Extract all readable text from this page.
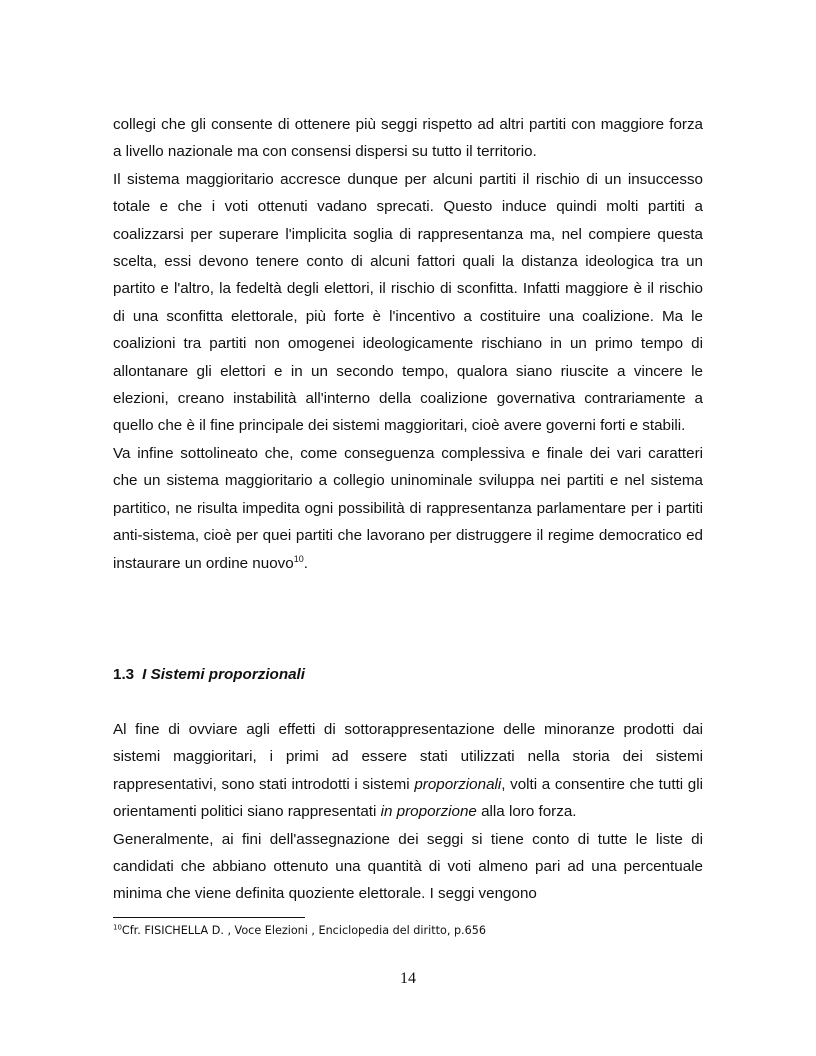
collegi che gli consente di ottenere più seggi rispetto ad altri partiti con maggiore forza a livello nazionale ma con consensi dispersi su tutto il territorio.

Il sistema maggioritario accresce dunque per alcuni partiti il rischio di un insuccesso totale e che i voti ottenuti vadano sprecati. Questo induce quindi molti partiti a coalizzarsi per superare l'implicita soglia di rappresentanza ma, nel compiere questa scelta, essi devono tenere conto di alcuni fattori quali la distanza ideologica tra un partito e l'altro, la fedeltà degli elettori, il rischio di sconfitta. Infatti maggiore è il rischio di una sconfitta elettorale, più forte è l'incentivo a costituire una coalizione. Ma le coalizioni tra partiti non omogenei ideologicamente rischiano in un primo tempo di allontanare gli elettori e in un secondo tempo, qualora siano riuscite a vincere le elezioni, creano instabilità all'interno della coalizione governativa contrariamente a quello che è il fine principale dei sistemi maggioritari, cioè avere governi forti e stabili.

Va infine sottolineato che, come conseguenza complessiva e finale dei vari caratteri che un sistema maggioritario a collegio uninominale sviluppa nei partiti e nel sistema partitico, ne risulta impedita ogni possibilità di rappresentanza parlamentare per i partiti anti-sistema, cioè per quei partiti che lavorano per distruggere il regime democratico ed instaurare un ordine nuovo$^{10}$.

1.3 I Sistemi proporzionali

Al fine di ovviare agli effetti di sottorappresentazione delle minoranze prodotti dai sistemi maggioritari, i primi ad essere stati utilizzati nella storia dei sistemi rappresentativi, sono stati introdotti i sistemi proporzionali, volti a consentire che tutti gli orientamenti politici siano rappresentati in proporzione alla loro forza.

Generalmente, ai fini dell'assegnazione dei seggi si tiene conto di tutte le liste di candidati che abbiano ottenuto una quantità di voti almeno pari ad una percentuale minima che viene definita quoziente elettorale. I seggi vengono

$^{10}$Cfr. FISICHELLA D. , Voce Elezioni , Enciclopedia del diritto, p.656
14
